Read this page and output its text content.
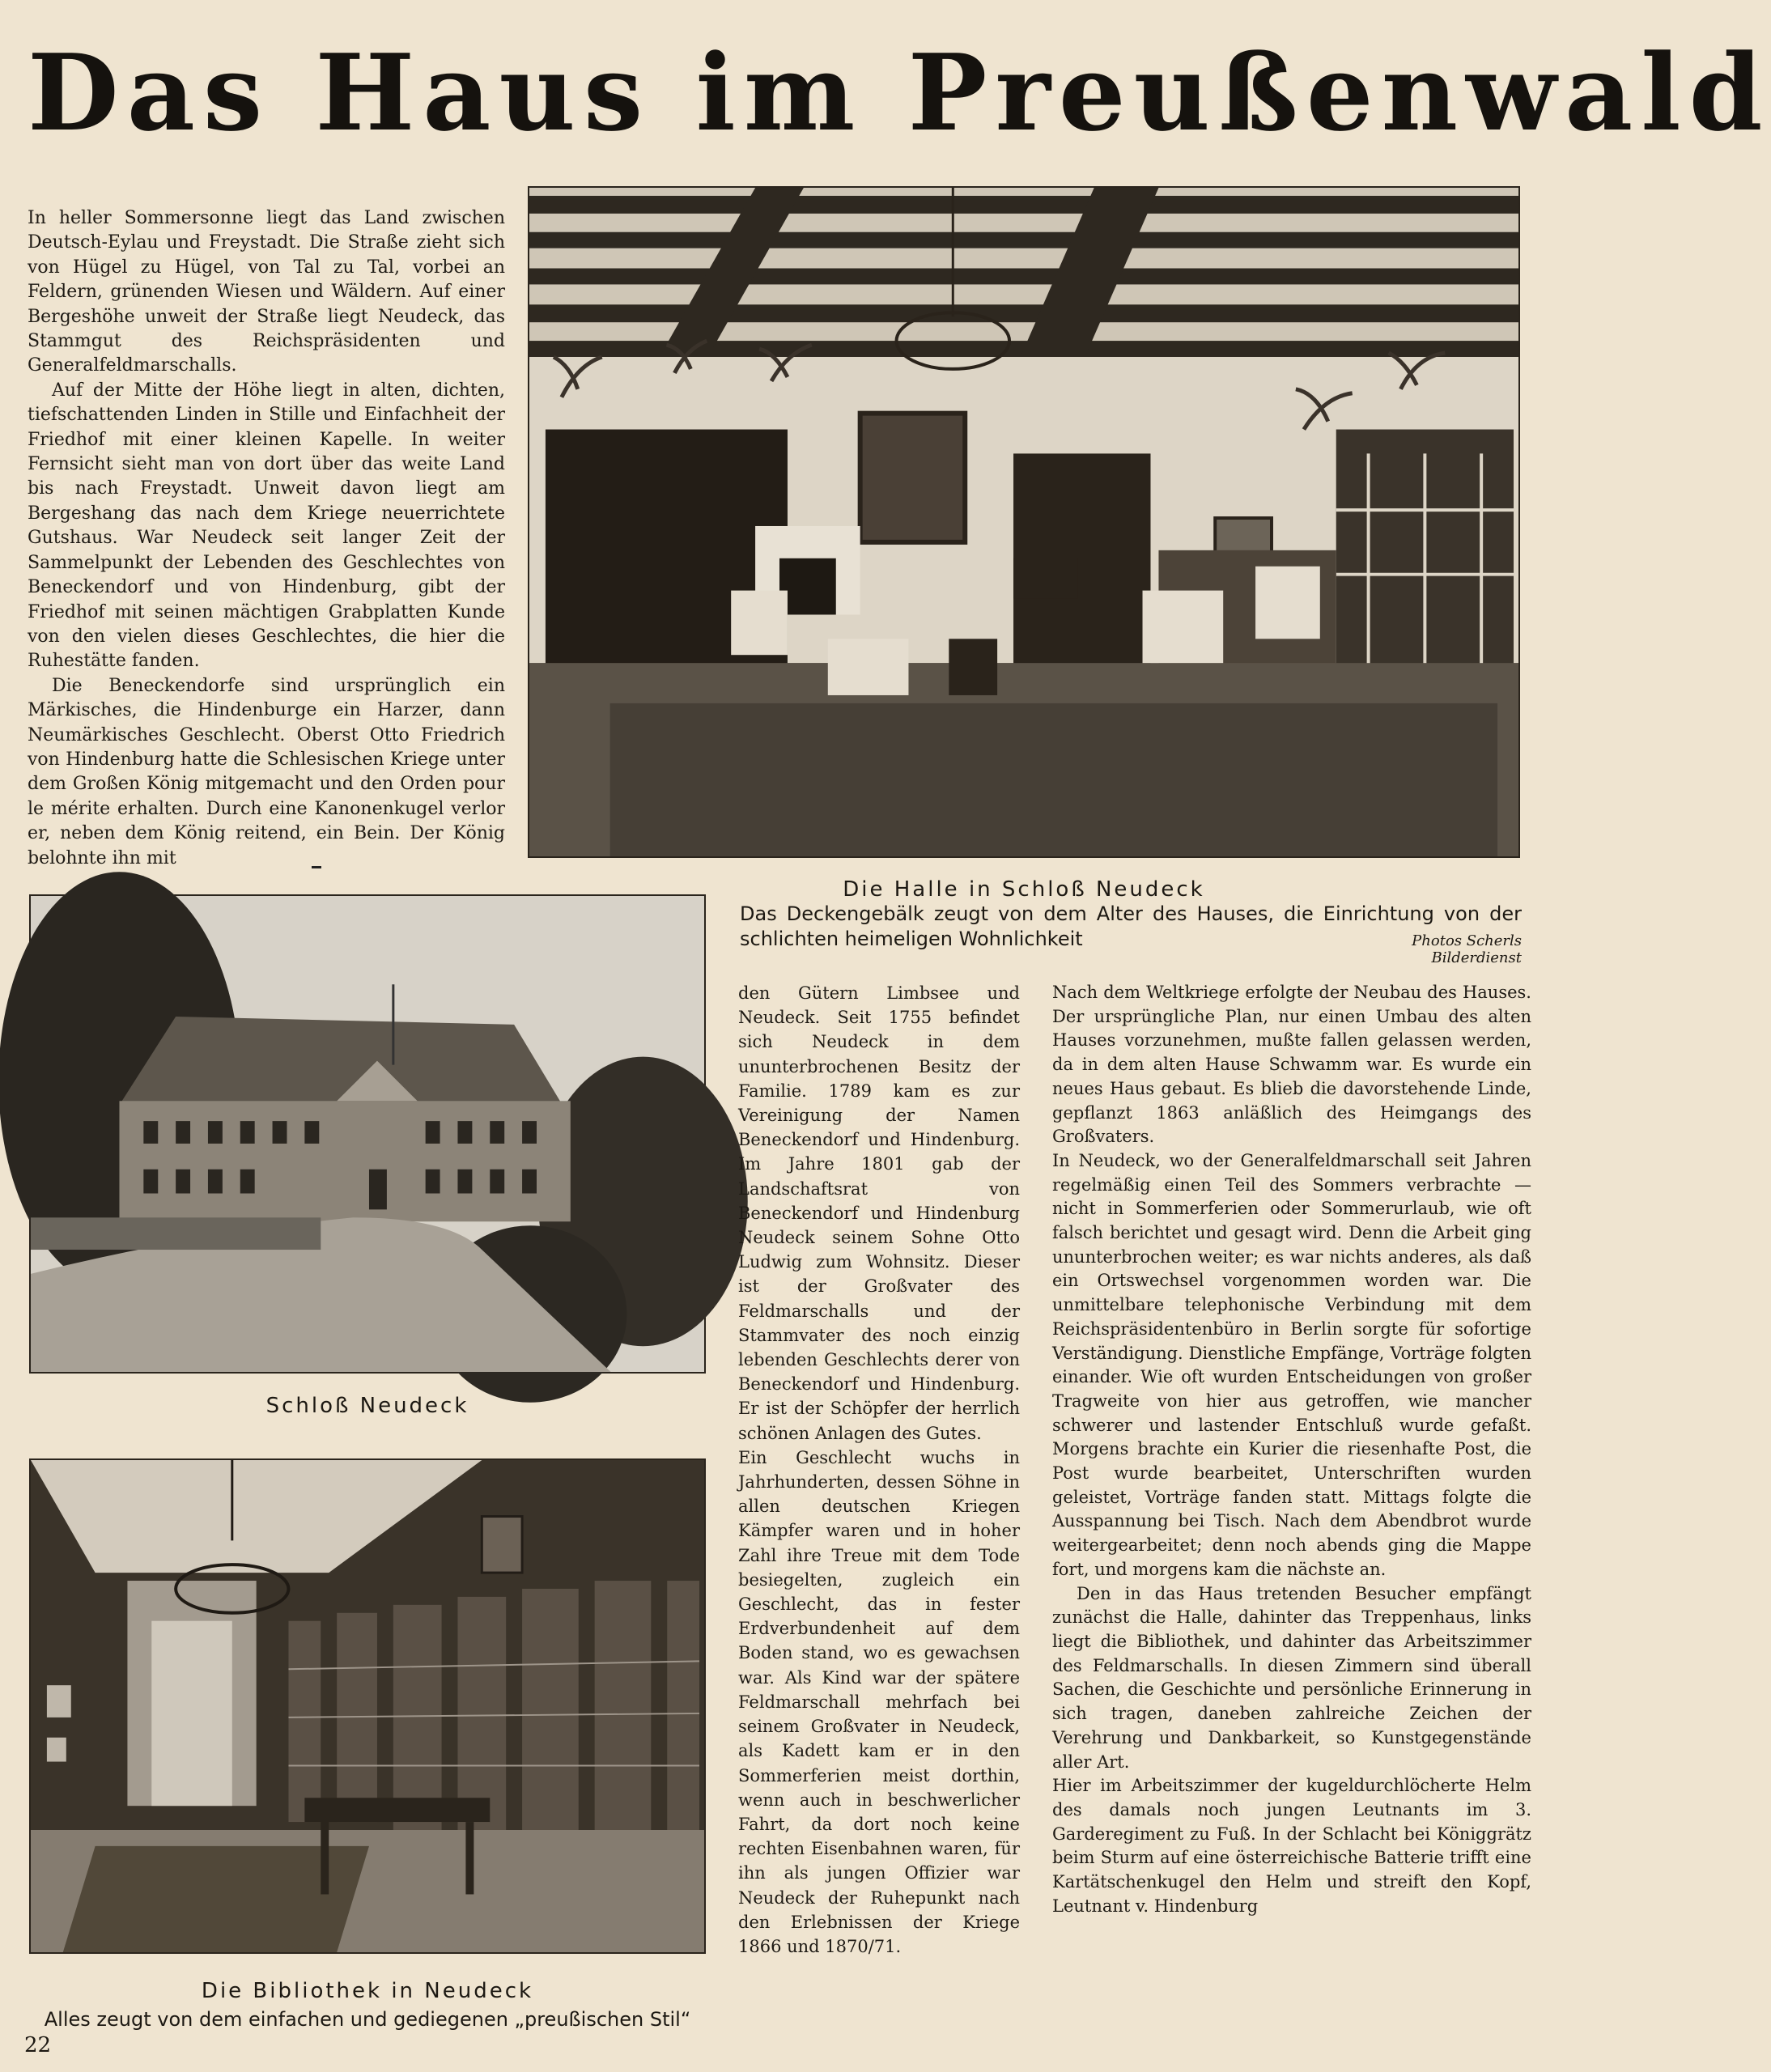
Das Haus im Preußenwald

In heller Sommersonne liegt das Land zwischen Deutsch-Eylau und Freystadt. Die Straße zieht sich von Hügel zu Hügel, von Tal zu Tal, vorbei an Feldern, grünenden Wiesen und Wäldern. Auf einer Bergeshöhe unweit der Straße liegt Neudeck, das Stammgut des Reichspräsidenten und Generalfeldmarschalls.

Auf der Mitte der Höhe liegt in alten, dichten, tiefschattenden Linden in Stille und Einfachheit der Friedhof mit einer kleinen Kapelle. In weiter Fernsicht sieht man von dort über das weite Land bis nach Freystadt. Unweit davon liegt am Bergeshang das nach dem Kriege neuerrichtete Gutshaus. War Neudeck seit langer Zeit der Sammelpunkt der Lebenden des Geschlechtes von Beneckendorf und von Hindenburg, gibt der Friedhof mit seinen mächtigen Grabplatten Kunde von den vielen dieses Geschlechtes, die hier die Ruhestätte fanden.

Die Beneckendorfe sind ursprünglich ein Märkisches, die Hindenburge ein Harzer, dann Neumärkisches Geschlecht. Oberst Otto Friedrich von Hindenburg hatte die Schlesischen Kriege unter dem Großen König mitgemacht und den Orden pour le mérite erhalten. Durch eine Kanonenkugel verlor er, neben dem König reitend, ein Bein. Der König belohnte ihn mit

Die Halle in Schloß Neudeck
Das Deckengebälk zeugt von dem Alter des Hauses, die Einrichtung von der schlichten heimeligen Wohnlichkeit	Photos Scherls Bilderdienst
Schloß Neudeck
Die Bibliothek in Neudeck
Alles zeugt von dem einfachen und gediegenen „preußischen Stil“

den Gütern Limbsee und Neudeck. Seit 1755 befindet sich Neudeck in dem ununterbrochenen Besitz der Familie. 1789 kam es zur Vereinigung der Namen Beneckendorf und Hindenburg. Im Jahre 1801 gab der Landschaftsrat von Beneckendorf und Hindenburg Neudeck seinem Sohne Otto Ludwig zum Wohnsitz. Dieser ist der Großvater des Feldmarschalls und der Stammvater des noch einzig lebenden Geschlechts derer von Beneckendorf und Hindenburg. Er ist der Schöpfer der herrlich schönen Anlagen des Gutes.

Ein Geschlecht wuchs in Jahrhunderten, dessen Söhne in allen deutschen Kriegen Kämpfer waren und in hoher Zahl ihre Treue mit dem Tode besiegelten, zugleich ein Geschlecht, das in fester Erdverbundenheit auf dem Boden stand, wo es gewachsen war. Als Kind war der spätere Feldmarschall mehrfach bei seinem Großvater in Neudeck, als Kadett kam er in den Sommerferien meist dorthin, wenn auch in beschwerlicher Fahrt, da dort noch keine rechten Eisenbahnen waren, für ihn als jungen Offizier war Neudeck der Ruhepunkt nach den Erlebnissen der Kriege 1866 und 1870/71.

Nach dem Weltkriege erfolgte der Neubau des Hauses. Der ursprüngliche Plan, nur einen Umbau des alten Hauses vorzunehmen, mußte fallen gelassen werden, da in dem alten Hause Schwamm war. Es wurde ein neues Haus gebaut. Es blieb die davorstehende Linde, gepflanzt 1863 anläßlich des Heimgangs des Großvaters.

In Neudeck, wo der Generalfeldmarschall seit Jahren regelmäßig einen Teil des Sommers verbrachte — nicht in Sommerferien oder Sommerurlaub, wie oft falsch berichtet und gesagt wird. Denn die Arbeit ging ununterbrochen weiter; es war nichts anderes, als daß ein Ortswechsel vorgenommen worden war. Die unmittelbare telephonische Verbindung mit dem Reichspräsidentenbüro in Berlin sorgte für sofortige Verständigung. Dienstliche Empfänge, Vorträge folgten einander. Wie oft wurden Entscheidungen von großer Tragweite von hier aus getroffen, wie mancher schwerer und lastender Entschluß wurde gefaßt. Morgens brachte ein Kurier die riesenhafte Post, die Post wurde bearbeitet, Unterschriften wurden geleistet, Vorträge fanden statt. Mittags folgte die Ausspannung bei Tisch. Nach dem Abendbrot wurde weitergearbeitet; denn noch abends ging die Mappe fort, und morgens kam die nächste an.

Den in das Haus tretenden Besucher empfängt zunächst die Halle, dahinter das Treppenhaus, links liegt die Bibliothek, und dahinter das Arbeitszimmer des Feldmarschalls. In diesen Zimmern sind überall Sachen, die Geschichte und persönliche Erinnerung in sich tragen, daneben zahlreiche Zeichen der Verehrung und Dankbarkeit, so Kunstgegenstände aller Art.

Hier im Arbeitszimmer der kugeldurchlöcherte Helm des damals noch jungen Leutnants im 3. Garderegiment zu Fuß. In der Schlacht bei Königgrätz beim Sturm auf eine österreichische Batterie trifft eine Kartätschenkugel den Helm und streift den Kopf, Leutnant v. Hindenburg

22
